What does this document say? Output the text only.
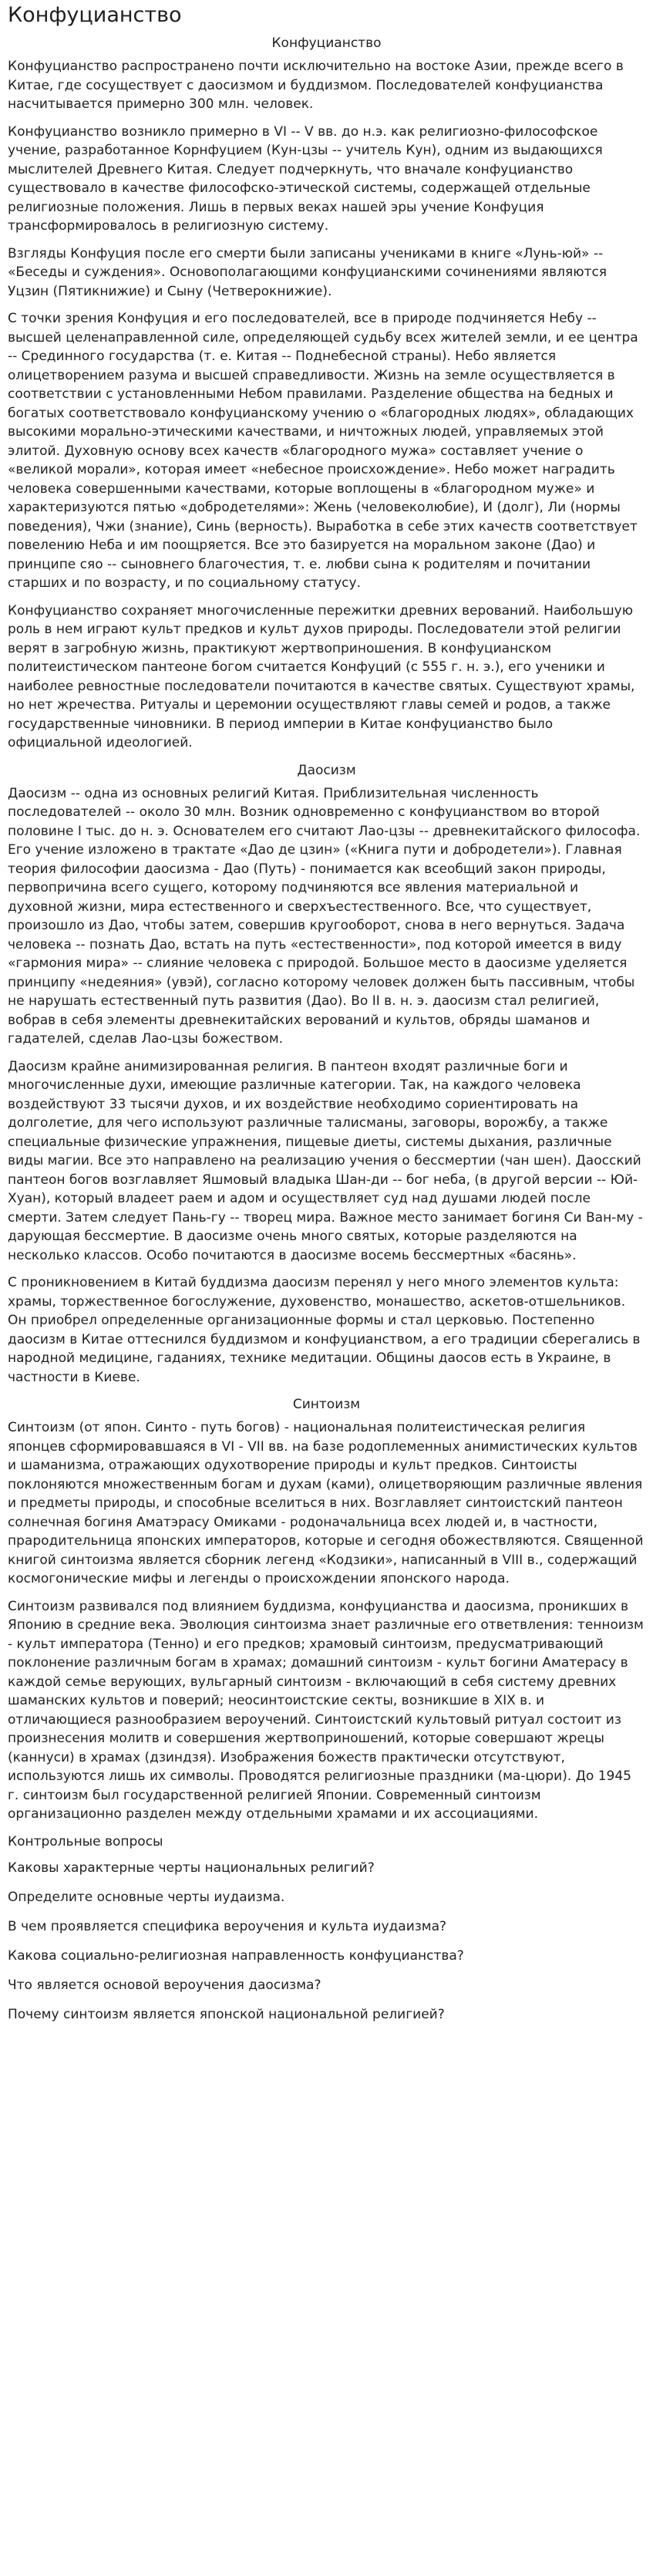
Конфуцианство
Конфуцианство

Конфуцианство распространено почти исключительно на востоке Азии, прежде всего в Китае, где сосуществует с даосизмом и буддизмом. Последователей конфуцианства насчитывается примерно 300 млн. человек.

Конфуцианство возникло примерно в VI -- V вв. до н.э. как религиозно-философское учение, разработанное Корнфуцием (Кун-цзы -- учитель Кун), одним из выдающихся мыслителей Древнего Китая. Следует подчеркнуть, что вначале конфуцианство существовало в качестве философско-этической системы, содержащей отдельные религиозные положения. Лишь в первых веках нашей эры учение Конфуция трансформировалось в религиозную систему.

Взгляды Конфуция после его смерти были записаны учениками в книге «Лунь-юй» -- «Беседы и суждения». Основополагающими конфуцианскими сочинениями являются Уцзин (Пятикнижие) и Сыну (Четверокнижие).

С точки зрения Конфуция и его последователей, все в природе подчиняется Небу -- высшей целенаправленной силе, определяющей судьбу всех жителей земли, и ее центра -- Срединного государства (т. е. Китая -- Поднебесной страны). Небо является олицетворением разума и высшей справедливости. Жизнь на земле осуществляется в соответствии с установленными Небом правилами. Разделение общества на бедных и богатых соответствовало конфуцианскому учению о «благородных людях», обладающих высокими морально-этическими качествами, и ничтожных людей, управляемых этой элитой. Духовную основу всех качеств «благородного мужа» составляет учение о «великой морали», которая имеет «небесное происхождение». Небо может наградить человека совершенными качествами, которые воплощены в «благородном муже» и характеризуются пятью «добродетелями»: Жень (человеколюбие), И (долг), Ли (нормы поведения), Чжи (знание), Синь (верность). Выработка в себе этих качеств соответствует повелению Неба и им поощряется. Все это базируется на моральном законе (Дао) и принципе сяо -- сыновнего благочестия, т. е. любви сына к родителям и почитании старших и по возрасту, и по социальному статусу.

Конфуцианство сохраняет многочисленные пережитки древних верований. Наибольшую роль в нем играют культ предков и культ духов природы. Последователи этой религии верят в загробную жизнь, практикуют жертвоприношения. В конфуцианском политеистическом пантеоне богом считается Конфуций (с 555 г. н. э.), его ученики и наиболее ревностные последователи почитаются в качестве святых. Существуют храмы, но нет жречества. Ритуалы и церемонии осуществляют главы семей и родов, а также государственные чиновники. В период империи в Китае конфуцианство было официальной идеологией.

Даосизм

Даосизм -- одна из основных религий Китая. Приблизительная численность последователей -- около 30 млн. Возник одновременно с конфуцианством во второй половине I тыс. до н. э. Основателем его считают Лао-цзы -- древнекитайского философа. Его учение изложено в трактате «Дао де цзин» («Книга пути и добродетели»). Главная теория философии даосизма - Дао (Путь) - понимается как всеобщий закон природы, первопричина всего сущего, которому подчиняются все явления материальной и духовной жизни, мира естественного и сверхъестественного. Все, что существует, произошло из Дао, чтобы затем, совершив кругооборот, снова в него вернуться. Задача человека -- познать Дао, встать на путь «естественности», под которой имеется в виду «гармония мира» -- слияние человека с природой. Большое место в даосизме уделяется принципу «недеяния» (увэй), согласно которому человек должен быть пассивным, чтобы не нарушать естественный путь развития (Дао). Во II в. н. э. даосизм стал религией, вобрав в себя элементы древнекитайских верований и культов, обряды шаманов и гадателей, сделав Лао-цзы божеством.

Даосизм крайне анимизированная религия. В пантеон входят различные боги и многочисленные духи, имеющие различные категории. Так, на каждого человека воздействуют 33 тысячи духов, и их воздействие необходимо сориентировать на долголетие, для чего используют различные талисманы, заговоры, ворожбу, а также специальные физические упражнения, пищевые диеты, системы дыхания, различные виды магии. Все это направлено на реализацию учения о бессмертии (чан шен). Даосский пантеон богов возглавляет Яшмовый владыка Шан-ди -- бог неба, (в другой версии -- Юй-Хуан), который владеет раем и адом и осуществляет суд над душами людей после смерти. Затем следует Пань-гу -- творец мира. Важное место занимает богиня Си Ван-му - дарующая бессмертие. В даосизме очень много святых, которые разделяются на несколько классов. Особо почитаются в даосизме восемь бессмертных «басянь».

С проникновением в Китай буддизма даосизм перенял у него много элементов культа: храмы, торжественное богослужение, духовенство, монашество, аскетов-отшельников. Он приобрел определенные организационные формы и стал церковью. Постепенно даосизм в Китае оттеснился буддизмом и конфуцианством, а его традиции сберегались в народной медицине, гаданиях, технике медитации. Общины даосов есть в Украине, в частности в Киеве.

Синтоизм

Синтоизм (от япон. Синто - путь богов) - национальная политеистическая религия японцев сформировавшаяся в VI - VII вв. на базе родоплеменных анимистических культов и шаманизма, отражающих одухотворение природы и культ предков. Синтоисты поклоняются множественным богам и духам (ками), олицетворяющим различные явления и предметы природы, и способные вселиться в них. Возглавляет синтоистский пантеон солнечная богиня Аматэрасу Омиками - родоначальница всех людей и, в частности, прародительница японских императоров, которые и сегодня обожествляются. Священной книгой синтоизма является сборник легенд «Кодзики», написанный в VIII в., содержащий космогонические мифы и легенды о происхождении японского народа.

Синтоизм развивался под влиянием буддизма, конфуцианства и даосизма, проникших в Японию в средние века. Эволюция синтоизма знает различные его ответвления: тенноизм - культ императора (Тенно) и его предков; храмовый синтоизм, предусматривающий поклонение различным богам в храмах; домашний синтоизм - культ богини Аматерасу в каждой семье верующих, вульгарный синтоизм - включающий в себя систему древних шаманских культов и поверий; неосинтоистские секты, возникшие в XIX в. и отличающиеся разнообразием вероучений. Синтоистский культовый ритуал состоит из произнесения молитв и совершения жертвоприношений, которые совершают жрецы (каннуси) в храмах (дзиндзя). Изображения божеств практически отсутствуют, используются лишь их символы. Проводятся религиозные праздники (ма-цюри). До 1945 г. синтоизм был государственной религией Японии. Современный синтоизм организационно разделен между отдельными храмами и их ассоциациями.

Контрольные вопросы
Каковы характерные черты национальных религий?
Определите основные черты иудаизма.
В чем проявляется специфика вероучения и культа иудаизма?
Какова социально-религиозная направленность конфуцианства?
Что является основой вероучения даосизма?
Почему синтоизм является японской национальной религией?
